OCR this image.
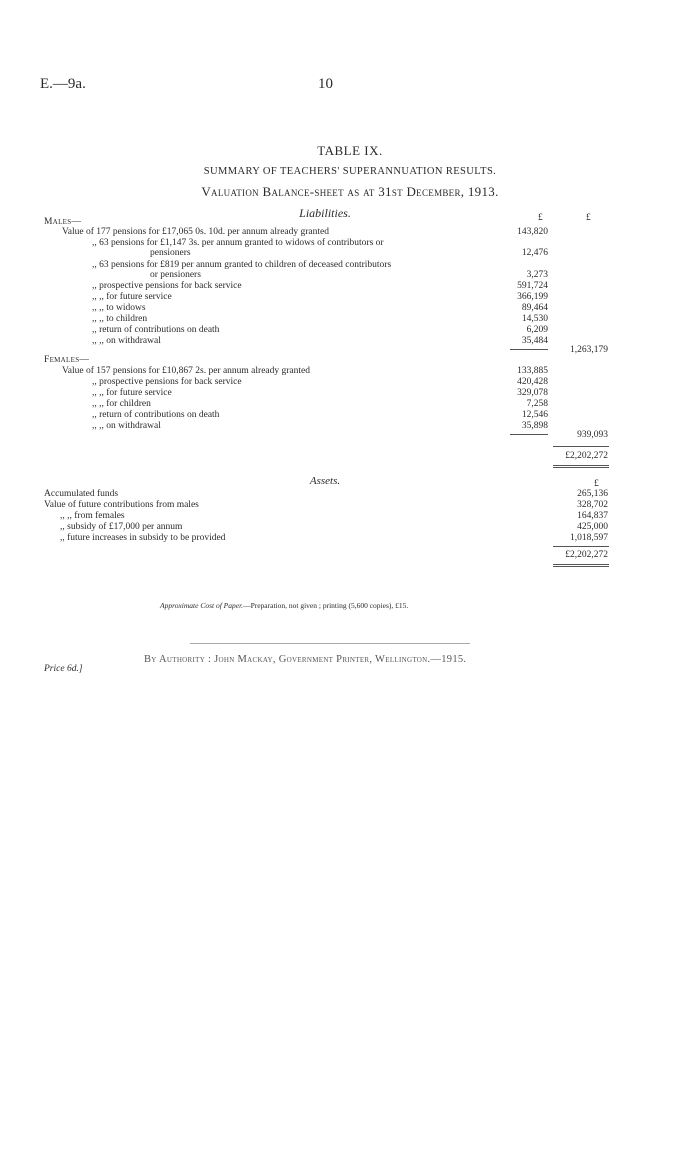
E.—9a.	10
TABLE IX.
SUMMARY OF TEACHERS' SUPERANNUATION RESULTS.
Valuation Balance-sheet as at 31st December, 1913.
Liabilities.	£	£
Males—
Value of 177 pensions for £17,065 0s. 10d. per annum already granted	143,820
,, 63 pensions for £1,147 3s. per annum granted to widows of contributors or
pensioners	12,476
,, 63 pensions for £819 per annum granted to children of deceased contributors
or pensioners	3,273
,, prospective pensions for back service	591,724
,, ,, for future service	366,199
,, ,, to widows	89,464
,, ,, to children	14,530
,, return of contributions on death	6,209
,, ,, on withdrawal	35,484
1,263,179
Females—
Value of 157 pensions for £10,867 2s. per annum already granted	133,885
,, prospective pensions for back service	420,428
,, ,, for future service	329,078
,, ,, for children	7,258
,, return of contributions on death	12,546
,, ,, on withdrawal	35,898
939,093
£2,202,272
Assets.	£
Accumulated funds	265,136
Value of future contributions from males	328,702
,, ,, from females	164,837
,, subsidy of £17,000 per annum	425,000
,, future increases in subsidy to be provided	1,018,597
£2,202,272
Approximate Cost of Paper.—Preparation, not given ; printing (5,600 copies), £15.
By Authority : John Mackay, Government Printer, Wellington.—1915.
Price 6d.]
